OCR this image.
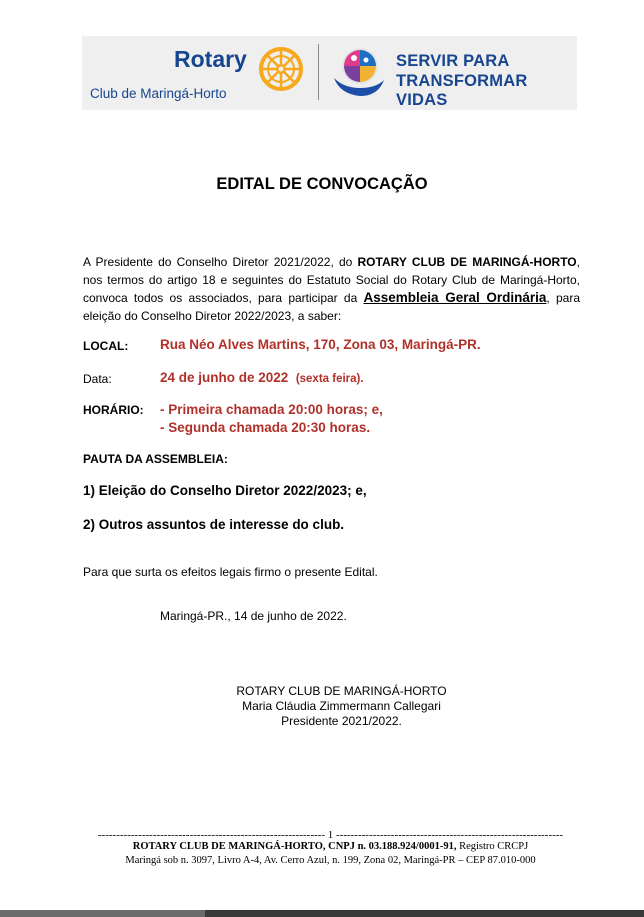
Rotary
Club de Maringá-Horto
SERVIR PARA
TRANSFORMAR VIDAS
EDITAL DE CONVOCAÇÃO
A Presidente do Conselho Diretor 2021/2022, do ROTARY CLUB DE MARINGÁ-HORTO, nos termos do artigo 18 e seguintes do Estatuto Social do Rotary Club de Maringá-Horto, convoca todos os associados, para participar da Assembleia Geral Ordinária, para eleição do Conselho Diretor 2022/2023, a saber:
LOCAL: Rua Néo Alves Martins, 170, Zona 03, Maringá-PR.
Data:	24 de junho de 2022 (sexta feira).
HORÁRIO: - Primeira chamada 20:00 horas; e,
- Segunda chamada 20:30 horas.
PAUTA DA ASSEMBLEIA:
1) Eleição do Conselho Diretor 2022/2023; e,
2) Outros assuntos de interesse do club.
Para que surta os efeitos legais firmo o presente Edital.
Maringá-PR., 14 de junho de 2022.
ROTARY CLUB DE MARINGÁ-HORTO
Maria Cláudia Zimmermann Callegari
Presidente 2021/2022.
-------------------------------------------------------------- 1 --------------------------------------------------------------
ROTARY CLUB DE MARINGÁ-HORTO, CNPJ n. 03.188.924/0001-91, Registro CRCPJ
Maringá sob n. 3097, Livro A-4, Av. Cerro Azul, n. 199, Zona 02, Maringá-PR – CEP 87.010-000
